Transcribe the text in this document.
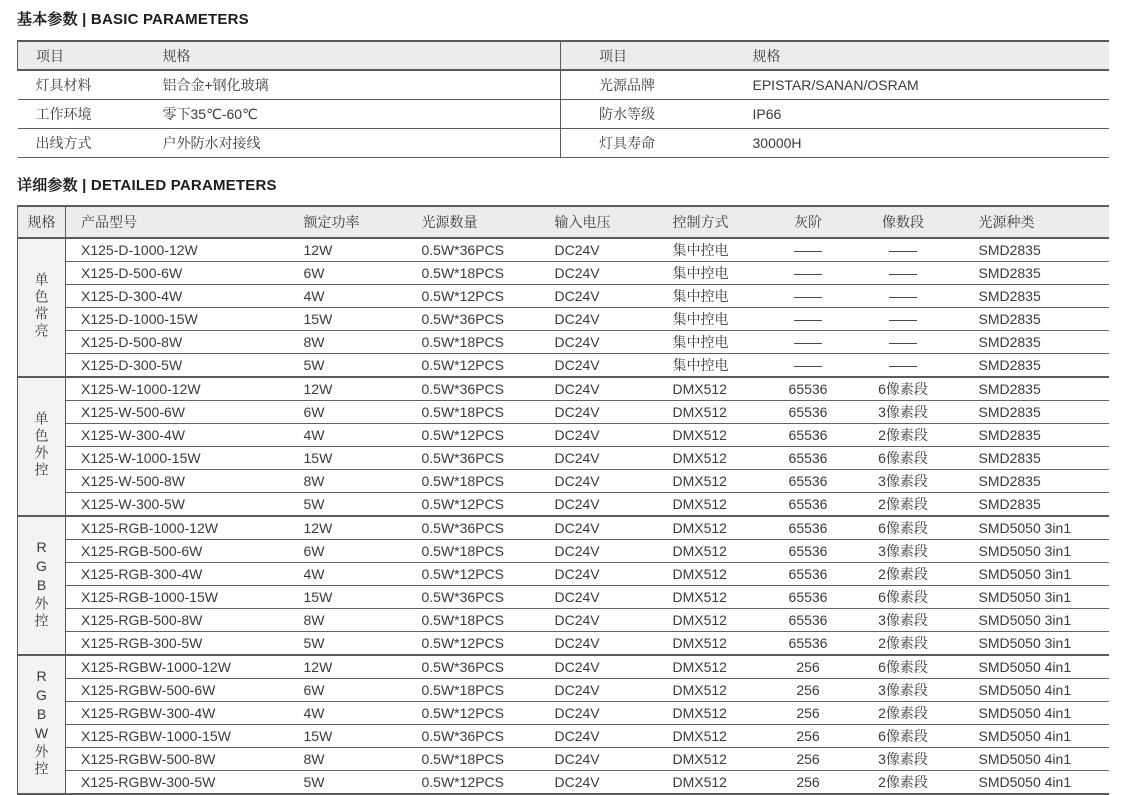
基本参数 | BASIC PARAMETERS
项目	规格	项目	规格
灯具材料	铝合金+钢化玻璃	光源品牌	EPISTAR/SANAN/OSRAM
工作环境	零下35℃-60℃	防水等级	IP66
出线方式	户外防水对接线	灯具寿命	30000H
详细参数 | DETAILED PARAMETERS
规格	产品型号	额定功率	光源数量	输入电压	控制方式	灰阶	像数段	光源种类
单色常亮	X125-D-1000-12W	12W	0.5W*36PCS	DC24V	集中控电	——	——	SMD2835
	X125-D-500-6W	6W	0.5W*18PCS	DC24V	集中控电	——	——	SMD2835
	X125-D-300-4W	4W	0.5W*12PCS	DC24V	集中控电	——	——	SMD2835
	X125-D-1000-15W	15W	0.5W*36PCS	DC24V	集中控电	——	——	SMD2835
	X125-D-500-8W	8W	0.5W*18PCS	DC24V	集中控电	——	——	SMD2835
	X125-D-300-5W	5W	0.5W*12PCS	DC24V	集中控电	——	——	SMD2835
单色外控	X125-W-1000-12W	12W	0.5W*36PCS	DC24V	DMX512	65536	6像素段	SMD2835
	X125-W-500-6W	6W	0.5W*18PCS	DC24V	DMX512	65536	3像素段	SMD2835
	X125-W-300-4W	4W	0.5W*12PCS	DC24V	DMX512	65536	2像素段	SMD2835
	X125-W-1000-15W	15W	0.5W*36PCS	DC24V	DMX512	65536	6像素段	SMD2835
	X125-W-500-8W	8W	0.5W*18PCS	DC24V	DMX512	65536	3像素段	SMD2835
	X125-W-300-5W	5W	0.5W*12PCS	DC24V	DMX512	65536	2像素段	SMD2835
RGB外控	X125-RGB-1000-12W	12W	0.5W*36PCS	DC24V	DMX512	65536	6像素段	SMD5050 3in1
	X125-RGB-500-6W	6W	0.5W*18PCS	DC24V	DMX512	65536	3像素段	SMD5050 3in1
	X125-RGB-300-4W	4W	0.5W*12PCS	DC24V	DMX512	65536	2像素段	SMD5050 3in1
	X125-RGB-1000-15W	15W	0.5W*36PCS	DC24V	DMX512	65536	6像素段	SMD5050 3in1
	X125-RGB-500-8W	8W	0.5W*18PCS	DC24V	DMX512	65536	3像素段	SMD5050 3in1
	X125-RGB-300-5W	5W	0.5W*12PCS	DC24V	DMX512	65536	2像素段	SMD5050 3in1
RGBW外控	X125-RGBW-1000-12W	12W	0.5W*36PCS	DC24V	DMX512	256	6像素段	SMD5050 4in1
	X125-RGBW-500-6W	6W	0.5W*18PCS	DC24V	DMX512	256	3像素段	SMD5050 4in1
	X125-RGBW-300-4W	4W	0.5W*12PCS	DC24V	DMX512	256	2像素段	SMD5050 4in1
	X125-RGBW-1000-15W	15W	0.5W*36PCS	DC24V	DMX512	256	6像素段	SMD5050 4in1
	X125-RGBW-500-8W	8W	0.5W*18PCS	DC24V	DMX512	256	3像素段	SMD5050 4in1
	X125-RGBW-300-5W	5W	0.5W*12PCS	DC24V	DMX512	256	2像素段	SMD5050 4in1
